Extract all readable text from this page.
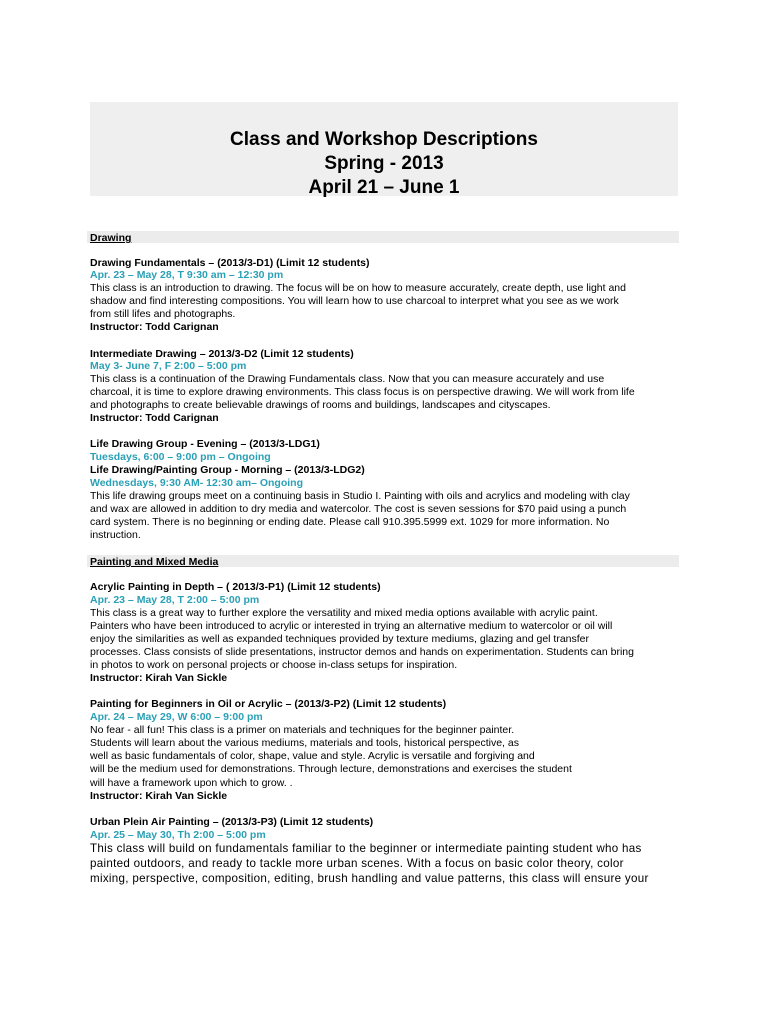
Class and Workshop Descriptions
Spring - 2013
April 21 – June 1
Drawing
Drawing Fundamentals – (2013/3-D1) (Limit 12 students)
Apr. 23 – May 28, T 9:30 am – 12:30 pm
This class is an introduction to drawing. The focus will be on how to measure accurately, create depth, use light and
shadow and find interesting compositions. You will learn how to use charcoal to interpret what you see as we work
from still lifes and photographs.
Instructor: Todd Carignan
Intermediate Drawing – 2013/3-D2 (Limit 12 students)
May 3- June 7, F 2:00 – 5:00 pm
This class is a continuation of the Drawing Fundamentals class. Now that you can measure accurately and use
charcoal, it is time to explore drawing environments. This class focus is on perspective drawing. We will work from life
and photographs to create believable drawings of rooms and buildings, landscapes and cityscapes.
Instructor: Todd Carignan
Life Drawing Group - Evening – (2013/3-LDG1)
Tuesdays, 6:00 – 9:00 pm – Ongoing
Life Drawing/Painting Group - Morning – (2013/3-LDG2)
Wednesdays, 9:30 AM- 12:30 am– Ongoing
This life drawing groups meet on a continuing basis in Studio I. Painting with oils and acrylics and modeling with clay
and wax are allowed in addition to dry media and watercolor. The cost is seven sessions for $70 paid using a punch
card system. There is no beginning or ending date. Please call 910.395.5999 ext. 1029 for more information. No
instruction.
Painting and Mixed Media
Acrylic Painting in Depth – ( 2013/3-P1) (Limit 12 students)
Apr. 23 – May 28, T 2:00 – 5:00 pm
This class is a great way to further explore the versatility and mixed media options available with acrylic paint.
Painters who have been introduced to acrylic or interested in trying an alternative medium to watercolor or oil will
enjoy the similarities as well as expanded techniques provided by texture mediums, glazing and gel transfer
processes. Class consists of slide presentations, instructor demos and hands on experimentation. Students can bring
in photos to work on personal projects or choose in-class setups for inspiration.
Instructor: Kirah Van Sickle
Painting for Beginners in Oil or Acrylic – (2013/3-P2) (Limit 12 students)
Apr. 24 – May 29, W 6:00 – 9:00 pm
No fear - all fun! This class is a primer on materials and techniques for the beginner painter.
Students will learn about the various mediums, materials and tools, historical perspective, as
well as basic fundamentals of color, shape, value and style. Acrylic is versatile and forgiving and
will be the medium used for demonstrations. Through lecture, demonstrations and exercises the student
will have a framework upon which to grow. .
Instructor: Kirah Van Sickle
Urban Plein Air Painting – (2013/3-P3) (Limit 12 students)
Apr. 25 – May 30, Th 2:00 – 5:00 pm
This class will build on fundamentals familiar to the beginner or intermediate painting student who has
painted outdoors, and ready to tackle more urban scenes. With a focus on basic color theory, color
mixing, perspective, composition, editing, brush handling and value patterns, this class will ensure your
